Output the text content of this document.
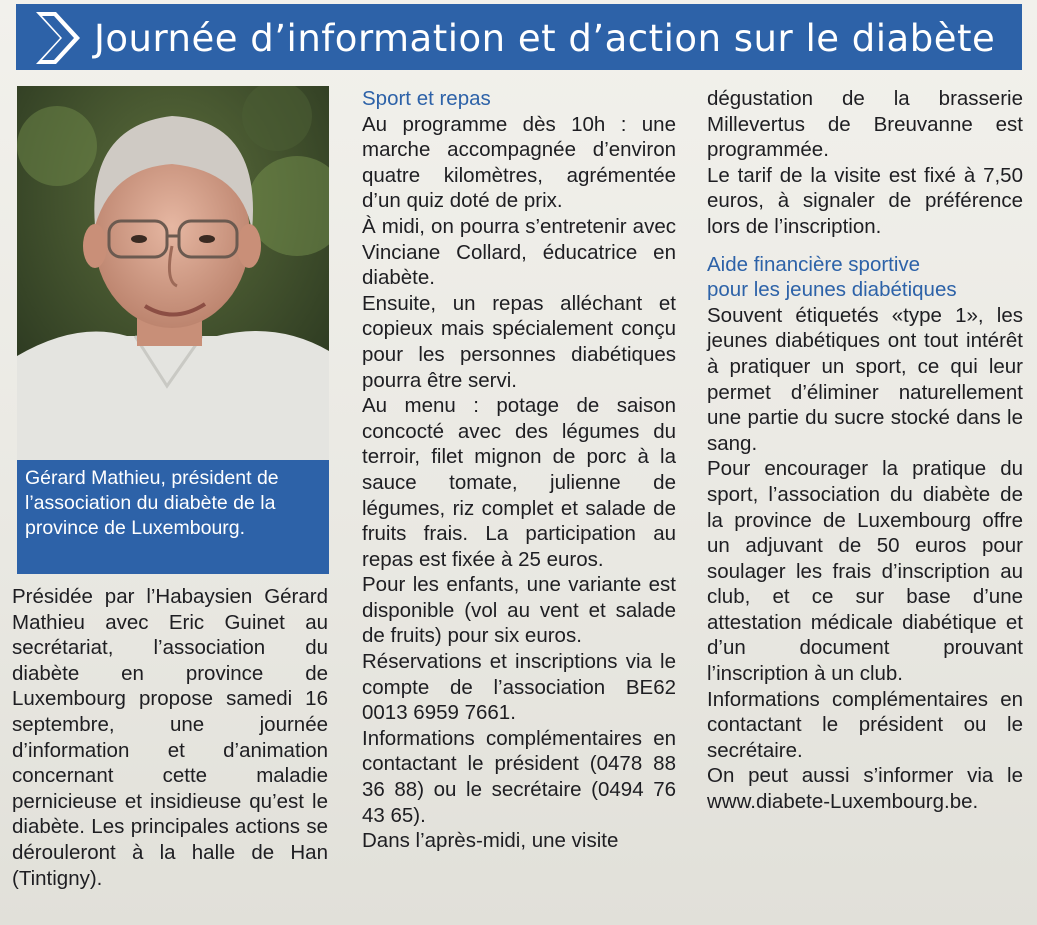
Journée d’information et d’action sur le diabète
Gérard Mathieu, président de l’association du diabète de la province de Luxembourg.

Présidée par l’Habaysien Gérard Mathieu avec Eric Guinet au secrétariat, l’association du diabète en province de Luxembourg propose samedi 16 septembre, une journée d’information et d’animation concernant cette maladie pernicieuse et insidieuse qu’est le diabète. Les principales actions se dérouleront à la halle de Han (Tintigny).

Sport et repas

Au programme dès 10h : une marche accompagnée d’environ quatre kilomètres, agrémentée d’un quiz doté de prix.

À midi, on pourra s’entretenir avec Vinciane Collard, éducatrice en diabète.

Ensuite, un repas alléchant et copieux mais spécialement conçu pour les personnes diabétiques pourra être servi.

Au menu : potage de saison concocté avec des légumes du terroir, filet mignon de porc à la sauce tomate, julienne de légumes, riz complet et salade de fruits frais. La participation au repas est fixée à 25 euros.

Pour les enfants, une variante est disponible (vol au vent et salade de fruits) pour six euros.

Réservations et inscriptions via le compte de l’association BE62 0013 6959 7661.

Informations complémentaires en contactant le président (0478 88 36 88) ou le secrétaire (0494 76 43 65).

Dans l’après-midi, une visite

dégustation de la brasserie Millevertus de Breuvanne est programmée.

Le tarif de la visite est fixé à 7,50 euros, à signaler de préférence lors de l’inscription.

Aide financière sportive
pour les jeunes diabétiques

Souvent étiquetés «type 1», les jeunes diabétiques ont tout intérêt à pratiquer un sport, ce qui leur permet d’éliminer naturellement une partie du sucre stocké dans le sang.

Pour encourager la pratique du sport, l’association du diabète de la province de Luxembourg offre un adjuvant de 50 euros pour soulager les frais d’inscription au club, et ce sur base d’une attestation médicale diabétique et d’un document prouvant l’inscription à un club.

Informations complémentaires en contactant le président ou le secrétaire.

On peut aussi s’informer via le www.diabete-Luxembourg.be.
